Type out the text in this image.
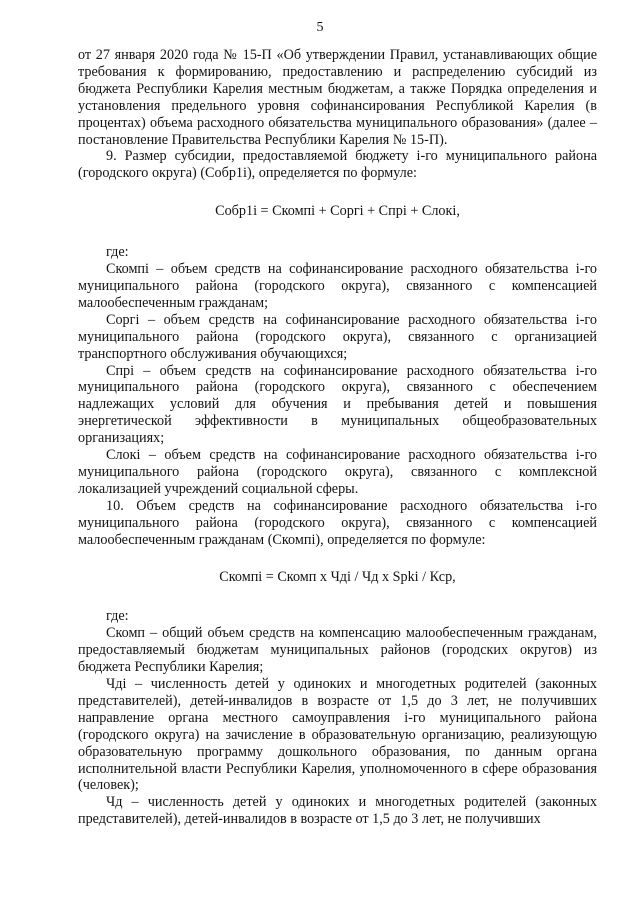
5

от 27 января 2020 года № 15-П «Об утверждении Правил, устанавливающих общие требования к формированию, предоставлению и распределению субсидий из бюджета Республики Карелия местным бюджетам, а также Порядка определения и установления предельного уровня софинансирования Республикой Карелия (в процентах) объема расходного обязательства муниципального образования» (далее – постановление Правительства Республики Карелия № 15-П).

9. Размер субсидии, предоставляемой бюджету і-го муниципального района (городского округа) (Собр1і), определяется по формуле:

Собр1і = Скомпі + Соргі + Спрі + Слокі,

где:

Скомпі – объем средств на софинансирование расходного обязательства і-го муниципального района (городского округа), связанного с компенсацией малообеспеченным гражданам;

Соргі – объем средств на софинансирование расходного обязательства і-го муниципального района (городского округа), связанного с организацией транспортного обслуживания обучающихся;

Спрі – объем средств на софинансирование расходного обязательства і-го муниципального района (городского округа), связанного с обеспечением надлежащих условий для обучения и пребывания детей и повышения энергетической эффективности в муниципальных общеобразовательных организациях;

Слокі – объем средств на софинансирование расходного обязательства і-го муниципального района (городского округа), связанного с комплексной локализацией учреждений социальной сферы.

10. Объем средств на софинансирование расходного обязательства і-го муниципального района (городского округа), связанного с компенсацией малообеспеченным гражданам (Скомпі), определяется по формуле:

Скомпі = Скомп х Чдi / Чд х Sрkі / Кср,

где:

Скомп – общий объем средств на компенсацию малообеспеченным гражданам, предоставляемый бюджетам муниципальных районов (городских округов) из бюджета Республики Карелия;

Чдi – численность детей у одиноких и многодетных родителей (законных представителей), детей-инвалидов в возрасте от 1,5 до 3 лет, не получивших направление органа местного самоуправления і-го муниципального района (городского округа) на зачисление в образовательную организацию, реализующую образовательную программу дошкольного образования, по данным органа исполнительной власти Республики Карелия, уполномоченного в сфере образования (человек);

Чд – численность детей у одиноких и многодетных родителей (законных представителей), детей-инвалидов в возрасте от 1,5 до 3 лет, не получивших
